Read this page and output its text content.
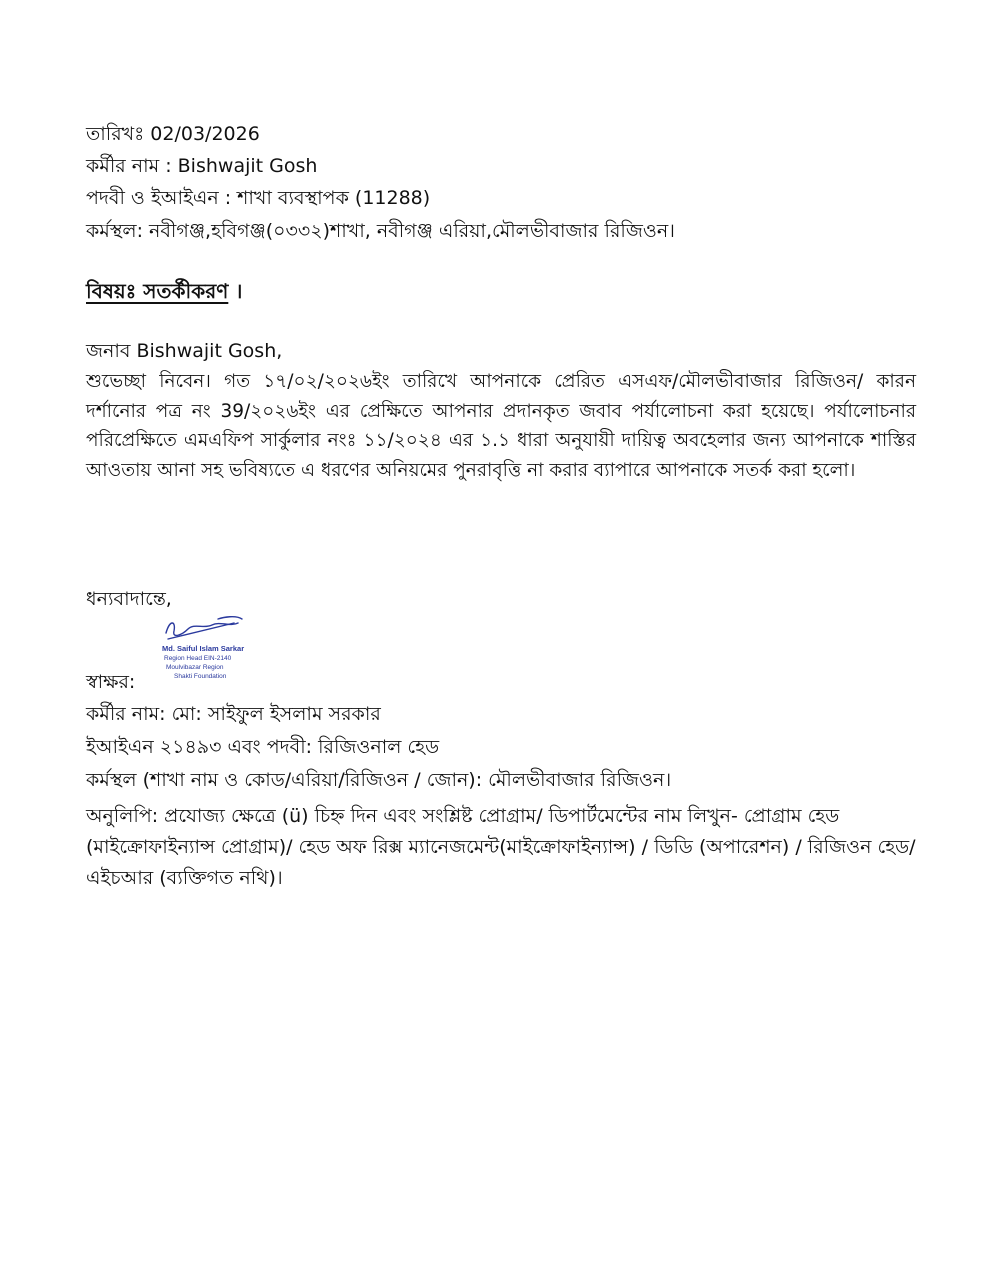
তারিখঃ 02/03/2026
কর্মীর নাম : Bishwajit Gosh
পদবী ও ইআইএন : শাখা ব্যবস্থাপক (11288)
কর্মস্থল: নবীগঞ্জ,হবিগঞ্জ(০৩৩২)শাখা, নবীগঞ্জ এরিয়া,মৌলভীবাজার রিজিওন।
বিষয়ঃ সতর্কীকরণ ।
জনাব Bishwajit Gosh,
শুভেচ্ছা নিবেন। গত ১৭/০২/২০২৬ইং তারিখে আপনাকে প্রেরিত এসএফ/মৌলভীবাজার রিজিওন/ কারন দর্শানোর পত্র নং 39/২০২৬ইং এর প্রেক্ষিতে আপনার প্রদানকৃত জবাব পর্যালোচনা করা হয়েছে। পর্যালোচনার পরিপ্রেক্ষিতে এমএফিপ সার্কুলার নংঃ ১১/২০২৪ এর ১.১ ধারা অনুযায়ী দায়িত্ব অবহেলার জন্য আপনাকে শাস্তির আওতায় আনা সহ ভবিষ্যতে এ ধরণের অনিয়মের পুনরাবৃত্তি না করার ব্যাপারে আপনাকে সতর্ক করা হলো।
ধন্যবাদান্তে,
Md. Saiful Islam Sarkar
Region Head EIN-2140
Moulvibazar Region
Shakti Foundation
স্বাক্ষর:
কর্মীর নাম: মো: সাইফুল ইসলাম সরকার
ইআইএন ২১৪৯৩ এবং পদবী: রিজিওনাল হেড
কর্মস্থল (শাখা নাম ও কোড/এরিয়া/রিজিওন / জোন): মৌলভীবাজার রিজিওন।
অনুলিপি: প্রযোজ্য ক্ষেত্রে (ü) চিহ্ন দিন এবং সংশ্লিষ্ট প্রোগ্রাম/ ডিপার্টমেন্টের নাম লিখুন- প্রোগ্রাম হেড (মাইক্রোফাইন্যান্স প্রোগ্রাম)/ হেড অফ রিক্স ম্যানেজমেন্ট(মাইক্রোফাইন্যান্স) / ডিডি (অপারেশন) / রিজিওন হেড/ এইচআর (ব্যক্তিগত নথি)।
